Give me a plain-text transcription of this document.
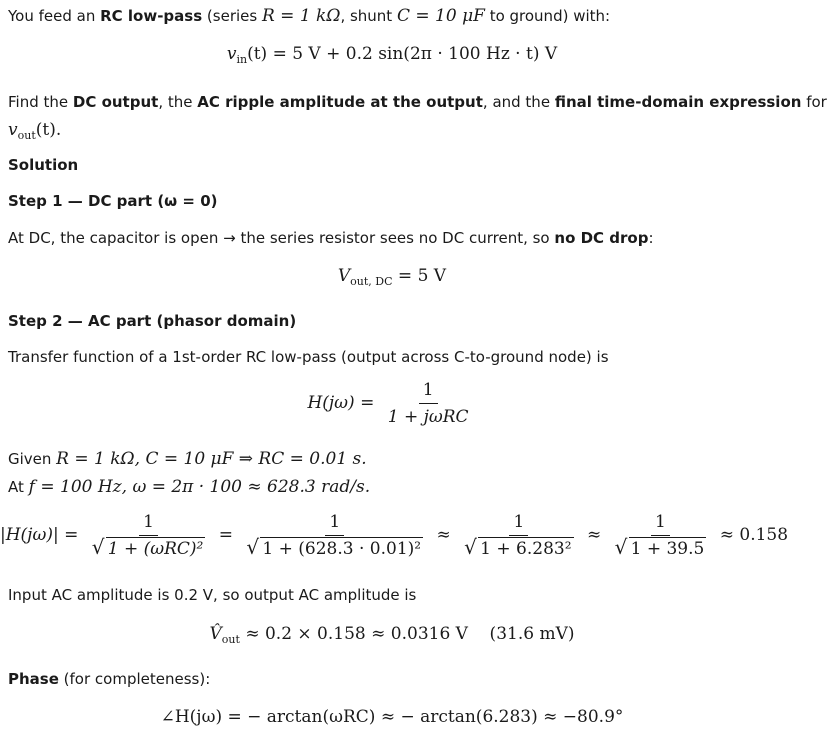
You feed an RC low-pass (series R = 1 kΩ, shunt C = 10 μF to ground) with:
$v_{in}(t) = 5$ V + 0.2 sin(2π · 100 Hz · t) V
Find the DC output, the AC ripple amplitude at the output, and the final time-domain expression for
$v_{out}(t)$.
Solution
Step 1 — DC part (ω = 0)
At DC, the capacitor is open → the series resistor sees no DC current, so no DC drop:
$V_{out, DC} = 5$ V
Step 2 — AC part (phasor domain)
Transfer function of a 1st-order RC low-pass (output across C-to-ground node) is
$H(j\omega) = \frac{1}{\text{1 + jωRC}}$
Given R = 1 kΩ, C = 10 μF ⇒ RC = 0.01 s.
At f = 100 Hz, ω = 2π · 100 ≈ 628.3 rad/s.
$|H(j\omega)| = \frac{1}{\text{√ 1 + (ωRC)²}} = \frac{1}{\text{√ 1 + (628.3 · 0.01)²}} \approx \frac{1}{\text{√ 1 + 6.283²}} \approx \frac{1}{√ 1 + 39.5} \approx 0.158$
Input AC amplitude is 0.2 V, so output AC amplitude is
$V̂_{out} \approx 0.2 \times 0.158 \approx 0.0316$ V    (31.6 mV)
Phase (for completeness):
∠H(jω) = − arctan(ωRC) ≈ − arctan(6.283) ≈ −80.9°
